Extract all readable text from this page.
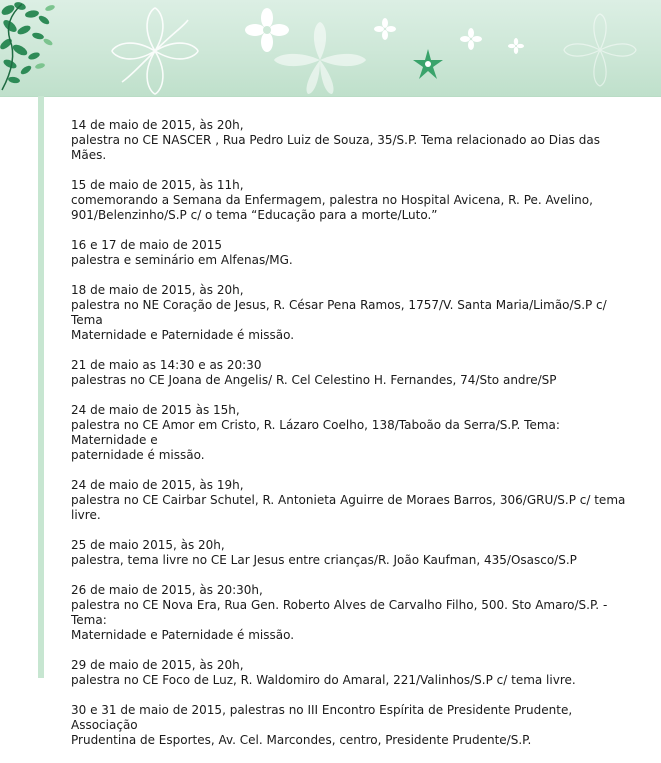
14 de maio de 2015, às 20h,
palestra no CE NASCER , Rua Pedro Luiz de Souza, 35/S.P. Tema relacionado ao Dias das Mães.
15 de maio de 2015, às 11h,
comemorando a Semana da Enfermagem, palestra no Hospital Avicena, R. Pe. Avelino,
901/Belenzinho/S.P c/ o tema “Educação para a morte/Luto.”
16 e 17 de maio de 2015
palestra e seminário em Alfenas/MG.
18 de maio de 2015, às 20h,
palestra no NE Coração de Jesus, R. César Pena Ramos, 1757/V. Santa Maria/Limão/S.P c/ Tema
Maternidade e Paternidade é missão.
21 de maio as 14:30 e as 20:30
palestras no CE Joana de Angelis/ R. Cel Celestino H. Fernandes, 74/Sto andre/SP
24 de maio de 2015 às 15h,
palestra no CE Amor em Cristo, R. Lázaro Coelho, 138/Taboão da Serra/S.P. Tema: Maternidade e
paternidade é missão.
24 de maio de 2015, às 19h,
palestra no CE Cairbar Schutel, R. Antonieta Aguirre de Moraes Barros, 306/GRU/S.P c/ tema livre.
25 de maio 2015, às 20h,
palestra, tema livre no CE Lar Jesus entre crianças/R. João Kaufman, 435/Osasco/S.P
26 de maio de 2015, às 20:30h,
palestra no CE Nova Era, Rua Gen. Roberto Alves de Carvalho Filho, 500. Sto Amaro/S.P. - Tema:
Maternidade e Paternidade é missão.
29 de maio de 2015, às 20h,
palestra no CE Foco de Luz, R. Waldomiro do Amaral, 221/Valinhos/S.P c/ tema livre.
30 e 31 de maio de 2015, palestras no III Encontro Espírita de Presidente Prudente, Associação
Prudentina de Esportes, Av. Cel. Marcondes, centro, Presidente Prudente/S.P.
